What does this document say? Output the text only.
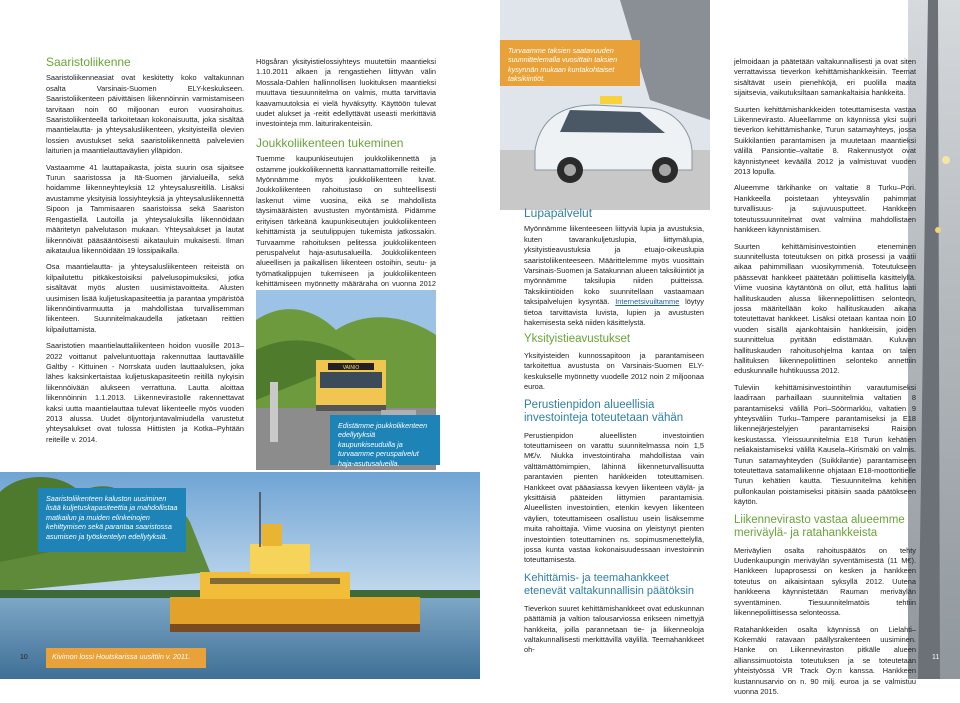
Saaristoliikenne

Saaristoliikenneasiat ovat keskitetty koko valtakunnan osalta Varsinais-Suomen ELY-keskukseen. Saaristoliikenteen päivittäisen liikennöinnin varmistamiseen tarvitaan noin 60 miljoonan euron vuosirahoitus. Saaristoliikenteellä tarkoitetaan kokonaisuutta, joka sisältää maantielautta- ja yhteysalusliikenteen, yksityisteillä olevien lossien avustukset sekä saaristoliikennettä palvelevien laiturien ja maantielauttaväylien ylläpidon.

Vastaamme 41 lauttapaikasta, joista suurin osa sijaitsee Turun saaristossa ja Itä-Suomen järvialueilla, sekä hoidamme liikenneyhteyksiä 12 yhteysalusreitillä. Lisäksi avustamme yksityisiä lossiyhteyksiä ja yhteysalusliikennettä Sipoon ja Tammisaaren saaristoissa sekä Saariston Rengastiellä. Lautoilla ja yhteysaluksilla liikennöidään määritetyn palvelutason mukaan. Yhteysalukset ja lautat liikennöivät pääsääntöisesti aikatauluin mukaisesti. Ilman aikataulua liikennöidään 19 lossipaikalla.

Osa maantielautta- ja yhteysalusliikenteen reiteistä on kilpailutettu pitkäkestoisiksi palvelusopimuksiksi, jotka sisältävät myös alusten uusimistavoitteita. Alusten uusimisen lisää kuljetuskapasiteettia ja parantaa ympäristöä liikennöintivarmuutta ja mahdollistaa turvallisemman liikenteen. Suunnitelmakaudella jatketaan reittien kilpailuttamista.

Saaristotien maantielauttaliikenteen hoidon vuosille 2013–2022 voittanut palveluntuottaja rakennuttaa lauttavälille Galtby - Kittuinen - Norrskata uuden lauttaaluksen, joka lähes kaksinkertaistaa kuljetuskapasiteetin reitillä nykyisin liikennöivään alukseen verrattuna. Lautta aloittaa liikennöinnin 1.1.2013. Liikennevirastolle rakennettavat kaksi uutta maantielauttaa tulevat liikenteelle myös vuoden 2013 alussa. Uudet öljyntorjuntavalmiudella varustetut yhteysalukset ovat tulossa Hiittisten ja Kotka–Pyhtään reiteille v. 2014.

Saaristoliikenteen kaluston uusiminen lisää kuljetuskapasiteettia ja mahdollistaa matkailun ja muiden elinkeinojen kehittymisen sekä parantaa saaristossa asumisen ja työskentelyn edellytyksiä.
Kivimon lossi Houtskarissa uusittiin v. 2011.
10

Högsåran yksityistielossiyhteys muutettiin maantieksi 1.10.2011 alkaen ja rengastiehen liittyvän välin Mossala-Dahlen hallinnollisen luokituksen maantieksi muuttava tiesuunnitelma on valmis, mutta tarvittavia kaavamuutoksia ei vielä hyväksytty. Käyttöön tulevat uudet alukset ja -reitit edellyttävät useasti merkittäviä investointeja mm. laiturirakenteisiin.

Joukkoliikenteen tukeminen

Tuemme kaupunkiseutujen joukkoliikennettä ja ostamme joukkoliikennettä kannattamattomille reiteille. Myönnämme myös joukkoliikenteen luvat. Joukkoliikenteen rahoitustaso on suhteellisesti laskenut viime vuosina, eikä se mahdollista täysimääräisten avustusten myöntämistä. Pidämme erityisen tärkeänä kaupunkiseutujen joukkoliikenteen kehittämistä ja seutulippujen tukemista jatkossakin. Turvaamme rahoituksen pelitessa joukkoliikenteen peruspalvelut haja-asutusalueilla. Joukkoliikenteen alueellisen ja paikallisen liikenteen ostoihin, seutu- ja työmatkalippujen tukemiseen ja joukkoliikenteen kehittämiseen myönnetty määräraha on vuonna 2012

VAINIO
Edistämme joukkoliikenteen edellytyksiä kaupunkiseuduilla ja turvaamme peruspalvelut haja-asutusalueilla.
Turvaamme taksien saatavuuden suunnittelemalla vuosittain taksien kysynnän mukaan kuntakohtaiset taksikiintiöt.
Lupapalvelut

Myönnämme liikenteeseen liittyviä lupia ja avustuksia, kuten tavarankuljetuslupia, liittymälupia, yksityistieavustuksia ja etuajo-oikeuslupia saaristoliikenteeseen. Määrittelemme myös vuosittain Varsinais-Suomen ja Satakunnan alueen taksikiintiöt ja myönnämme taksilupia niiden puitteissa. Taksikiintiöiden koko suunnitellaan vastaamaan taksipalvelujen kysyntää. Internetsivuiltamme löytyy tietoa tarvittavista luvista, lupien ja avustusten hakemisesta sekä niiden käsittelystä.

Yksityistieavustukset

Yksityisteiden kunnossapitoon ja parantamiseen tarkoitettua avustusta on Varsinais-Suomen ELY-keskukselle myönnetty vuodelle 2012 noin 2 miljoonaa euroa.

Perustienpidon alueellisia investointeja toteutetaan vähän

Perustienpidon alueellisten investointien toteuttamiseen on varattu suunnitelmassa noin 1,5 M€/v. Niukka investointiraha mahdollistaa vain välttämättömimpien, lähinnä liikenneturvallisuutta parantavien pienten hankkeiden toteuttamisen. Hankkeet ovat pääasiassa kevyen liikenteen väylä- ja yksittäisiä pääteiden liittymien parantamisia. Alueellisten investointien, etenkin kevyen liikenteen väylien, toteuttamiseen osallistuu usein lisäksemme muita rahoittajia. Viime vuosina on yleistynyt pienten investointien toteuttaminen ns. sopimusmenettelyllä, jossa kunta vastaa kokonaisuudessaan investoinnin toteuttamisesta.

Kehittämis- ja teemahankkeet etenevät valtakunnallisin päätöksin

Tieverkon suuret kehittämishankkeet ovat eduskunnan päättämiä ja valtion talousarviossa erikseen nimettyjä hankkeita, joilla parannetaan tie- ja liikenneoloja valtakunnallisesti merkittävillä väylillä. Teemahankkeet oh-

jelmoidaan ja päätetään valtakunnallisesti ja ovat siten verrattavissa tieverkon kehittämishankkeisiin. Teemat sisältävät usein pienehköjä, eri puolilla maata sijaitsevia, vaikutuksiltaan samankaltaisia hankkeita.

Suurten kehittämishankkeiden toteuttamisesta vastaa Liikennevirasto. Alueellamme on käynnissä yksi suuri tieverkon kehittämishanke, Turun satamayhteys, jossa Suikkilantien parantamisen ja muutetaan maantieksi välillä Pansiontie–valtatie 8. Rakennustyöt ovat käynnistyneet keväällä 2012 ja valmistuvat vuoden 2013 lopulla.

Alueemme tärkihanke on valtatie 8 Turku–Pori. Hankkeella poistetaan yhteysvälin pahimmat turvallisuus- ja sujuvuusputteet. Hankkeen toteutussuunnitelmat ovat valmiina mahdollistaen hankkeen käynnistämisen.

Suurten kehittämisinvestointien eteneminen suunnitellusta toteutuksen on pitkä prosessi ja vaatii aikaa pahimmillaan vuosikymmeniä. Toteutukseen päässevät hankkeet päätetään poliittisella käsittelyllä. Viime vuosina käytäntönä on ollut, että hallitus laati hallituskauden alussa liikennepoliittisen selonteon, jossa määritellään koko hallituskauden aikana toteutettavat hankkeet. Lisäksi otetaan kantaa noin 10 vuoden sisällä ajankohtaisiin hankkeisiin, joiden suunnittelua pyritään edistämään. Kuluvan hallituskauden rahoitusohjelma kantaa on talen hallituksen liikennepoliittinen selonteko annettiin eduskunnalle huhtikuussa 2012.

Tuleviin kehittämisinvestointihin varautumiseksi laadiтaan parhaillaan suunnitelmia valtatien 8 parantamiseksi välillä Pori–Söörmarkku, valtatien 9 yhteysväliin Turku–Tampere parantamiseksi ja E18 liikennejärjestelyjen parantamiseksi Raision keskustassa. Yleissuunnitelmia E18 Turun kehätien neliakaistamiseksi välillä Kausela–Kirismäki on valmis. Turun satamayhteyden (Suikkilantie) parantamiseen toteutettava satamaliikenne ohjataan E18-moottoritielle Turun kehätien kautta. Tiesuunnitelma kehitien pullonkaulan poistamiseksi pitäisiin saada päätökseen käytön.

Liikennevirasto vastaa alueemme meriväylä- ja ratahankkeista

Meriväylien osalta rahoituspäätös on tehty Uudenkaupungin meriväylän syventämisestä (11 M€). Hankkeen lupaprosessi on kesken ja hankkeen toteutus on aikaisintaan syksyllä 2012. Uutena hankkeena käynnistetään Rauman meriväylän syventäminen. Tiesuunnitelmatöis tehtiin liikennepoliittisessa selonteossa.

Ratahankkeiden osalta käynnissä on Lielahti–Kokemäki ratavaan päällysrakenteen uusiminen. Hanke on Liikenneviraston pitkälle alueen allianssimuotoista toteutuksen ja se toteutetaan yhteistyössä VR Track Oy:n kanssa. Hankkeen kustannusarvio on n. 90 milj. euroa ja se valmistuu vuonna 2015.

11
